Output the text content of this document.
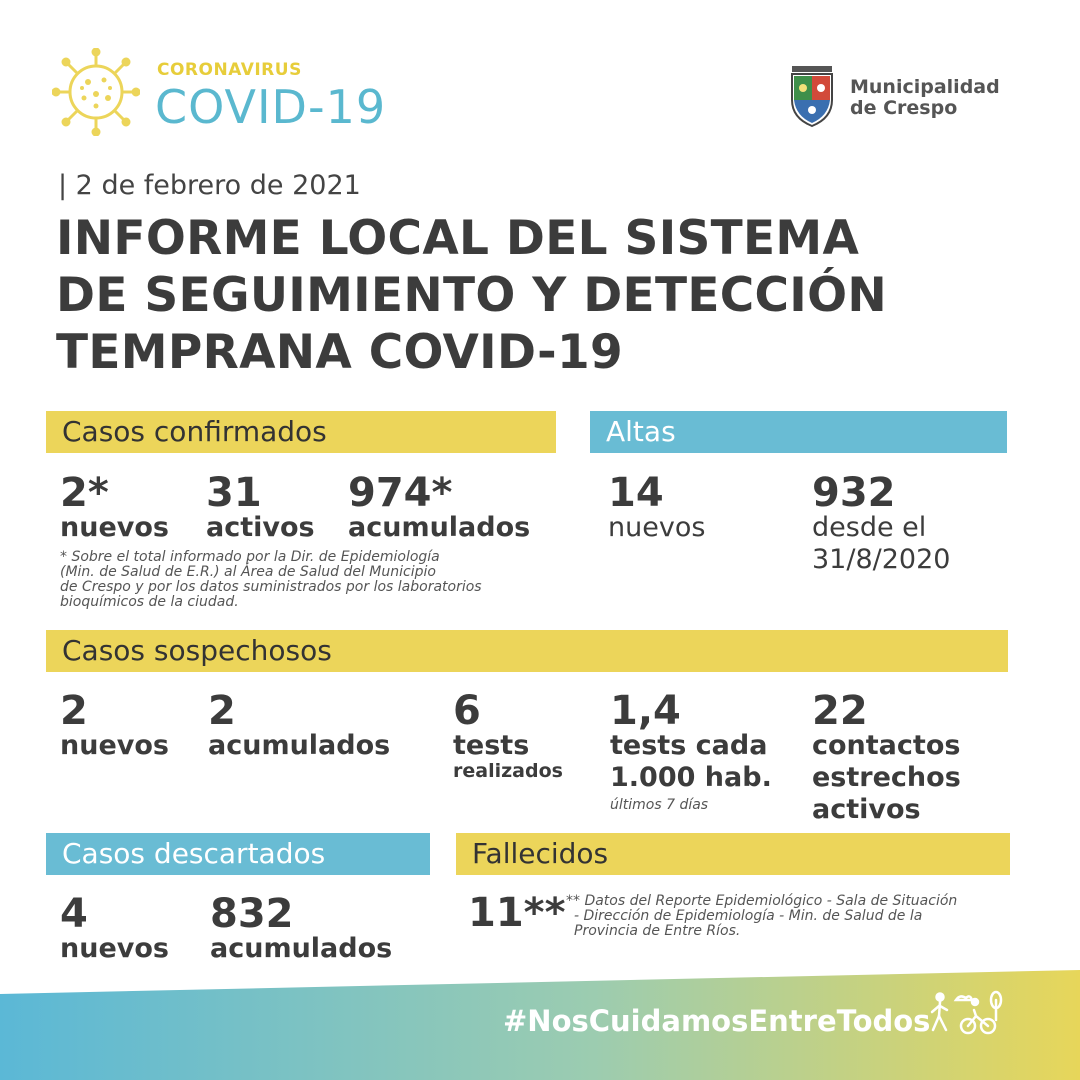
CORONAVIRUS
COVID-19	Municipalidad
de Crespo
| 2 de febrero de 2021
INFORME LOCAL DEL SISTEMA
DE SEGUIMIENTO Y DETECCIÓN
TEMPRANA COVID-19
Casos confirmados
2*
nuevos
31
activos
974*
acumulados
* Sobre el total informado por la Dir. de Epidemiología
(Min. de Salud de E.R.) al Área de Salud del Municipio
de Crespo y por los datos suministrados por los laboratorios
bioquímicos de la ciudad.
Altas
14
nuevos
932
desde el
31/8/2020
Casos sospechosos
2
nuevos
2
acumulados
6
tests
realizados
1,4
tests cada
1.000 hab.
últimos 7 días
22
contactos
estrechos
activos
Casos descartados
4
nuevos
832
acumulados
Fallecidos
11** ** Datos del Reporte Epidemiológico - Sala de Situación
- Dirección de Epidemiología - Min. de Salud de la
Provincia de Entre Ríos.
#NosCuidamosEntreTodos
